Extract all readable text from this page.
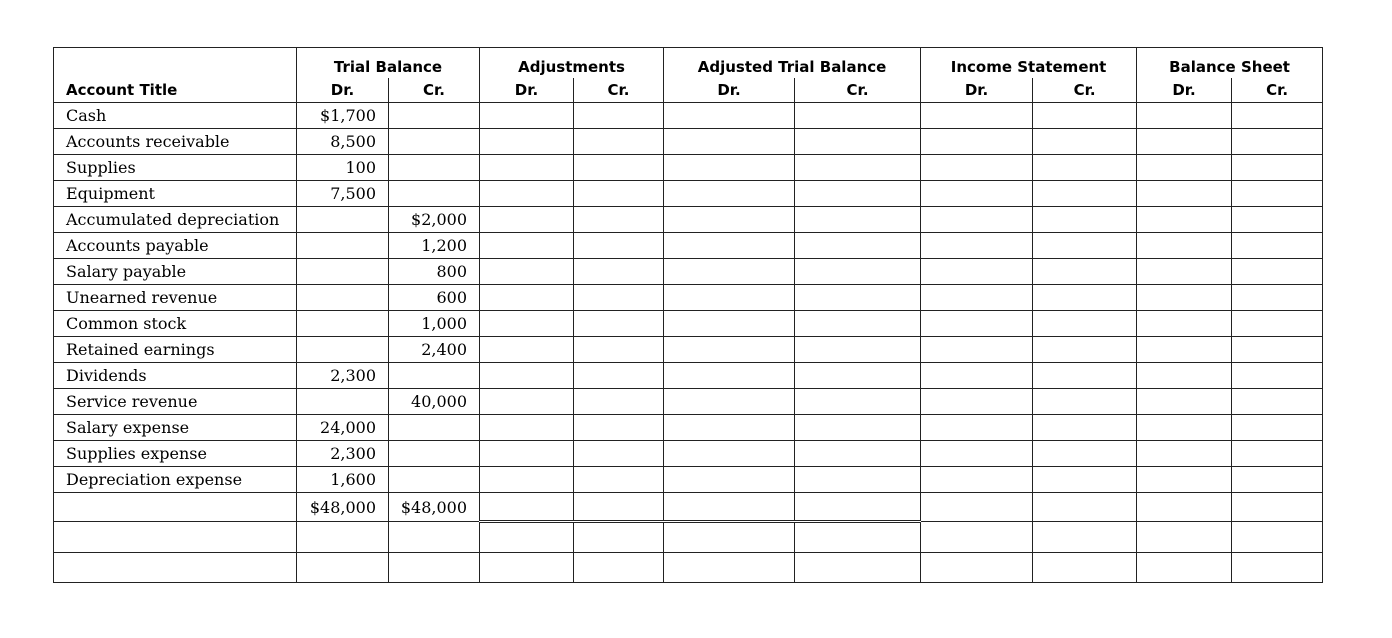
	Trial Balance		Adjustments		Adjusted Trial Balance		Income Statement		Balance Sheet	
Account Title	Dr.	Cr.	Dr.	Cr.	Dr.	Cr.	Dr.	Cr.	Dr.	Cr.
Cash	$1,700									
Accounts receivable	8,500									
Supplies	100									
Equipment	7,500									
Accumulated depreciation		$2,000								
Accounts payable		1,200								
Salary payable		800								
Unearned revenue		600								
Common stock		1,000								
Retained earnings		2,400								
Dividends	2,300									
Service revenue		40,000								
Salary expense	24,000									
Supplies expense	2,300									
Depreciation expense	1,600									
	$48,000	$48,000								
